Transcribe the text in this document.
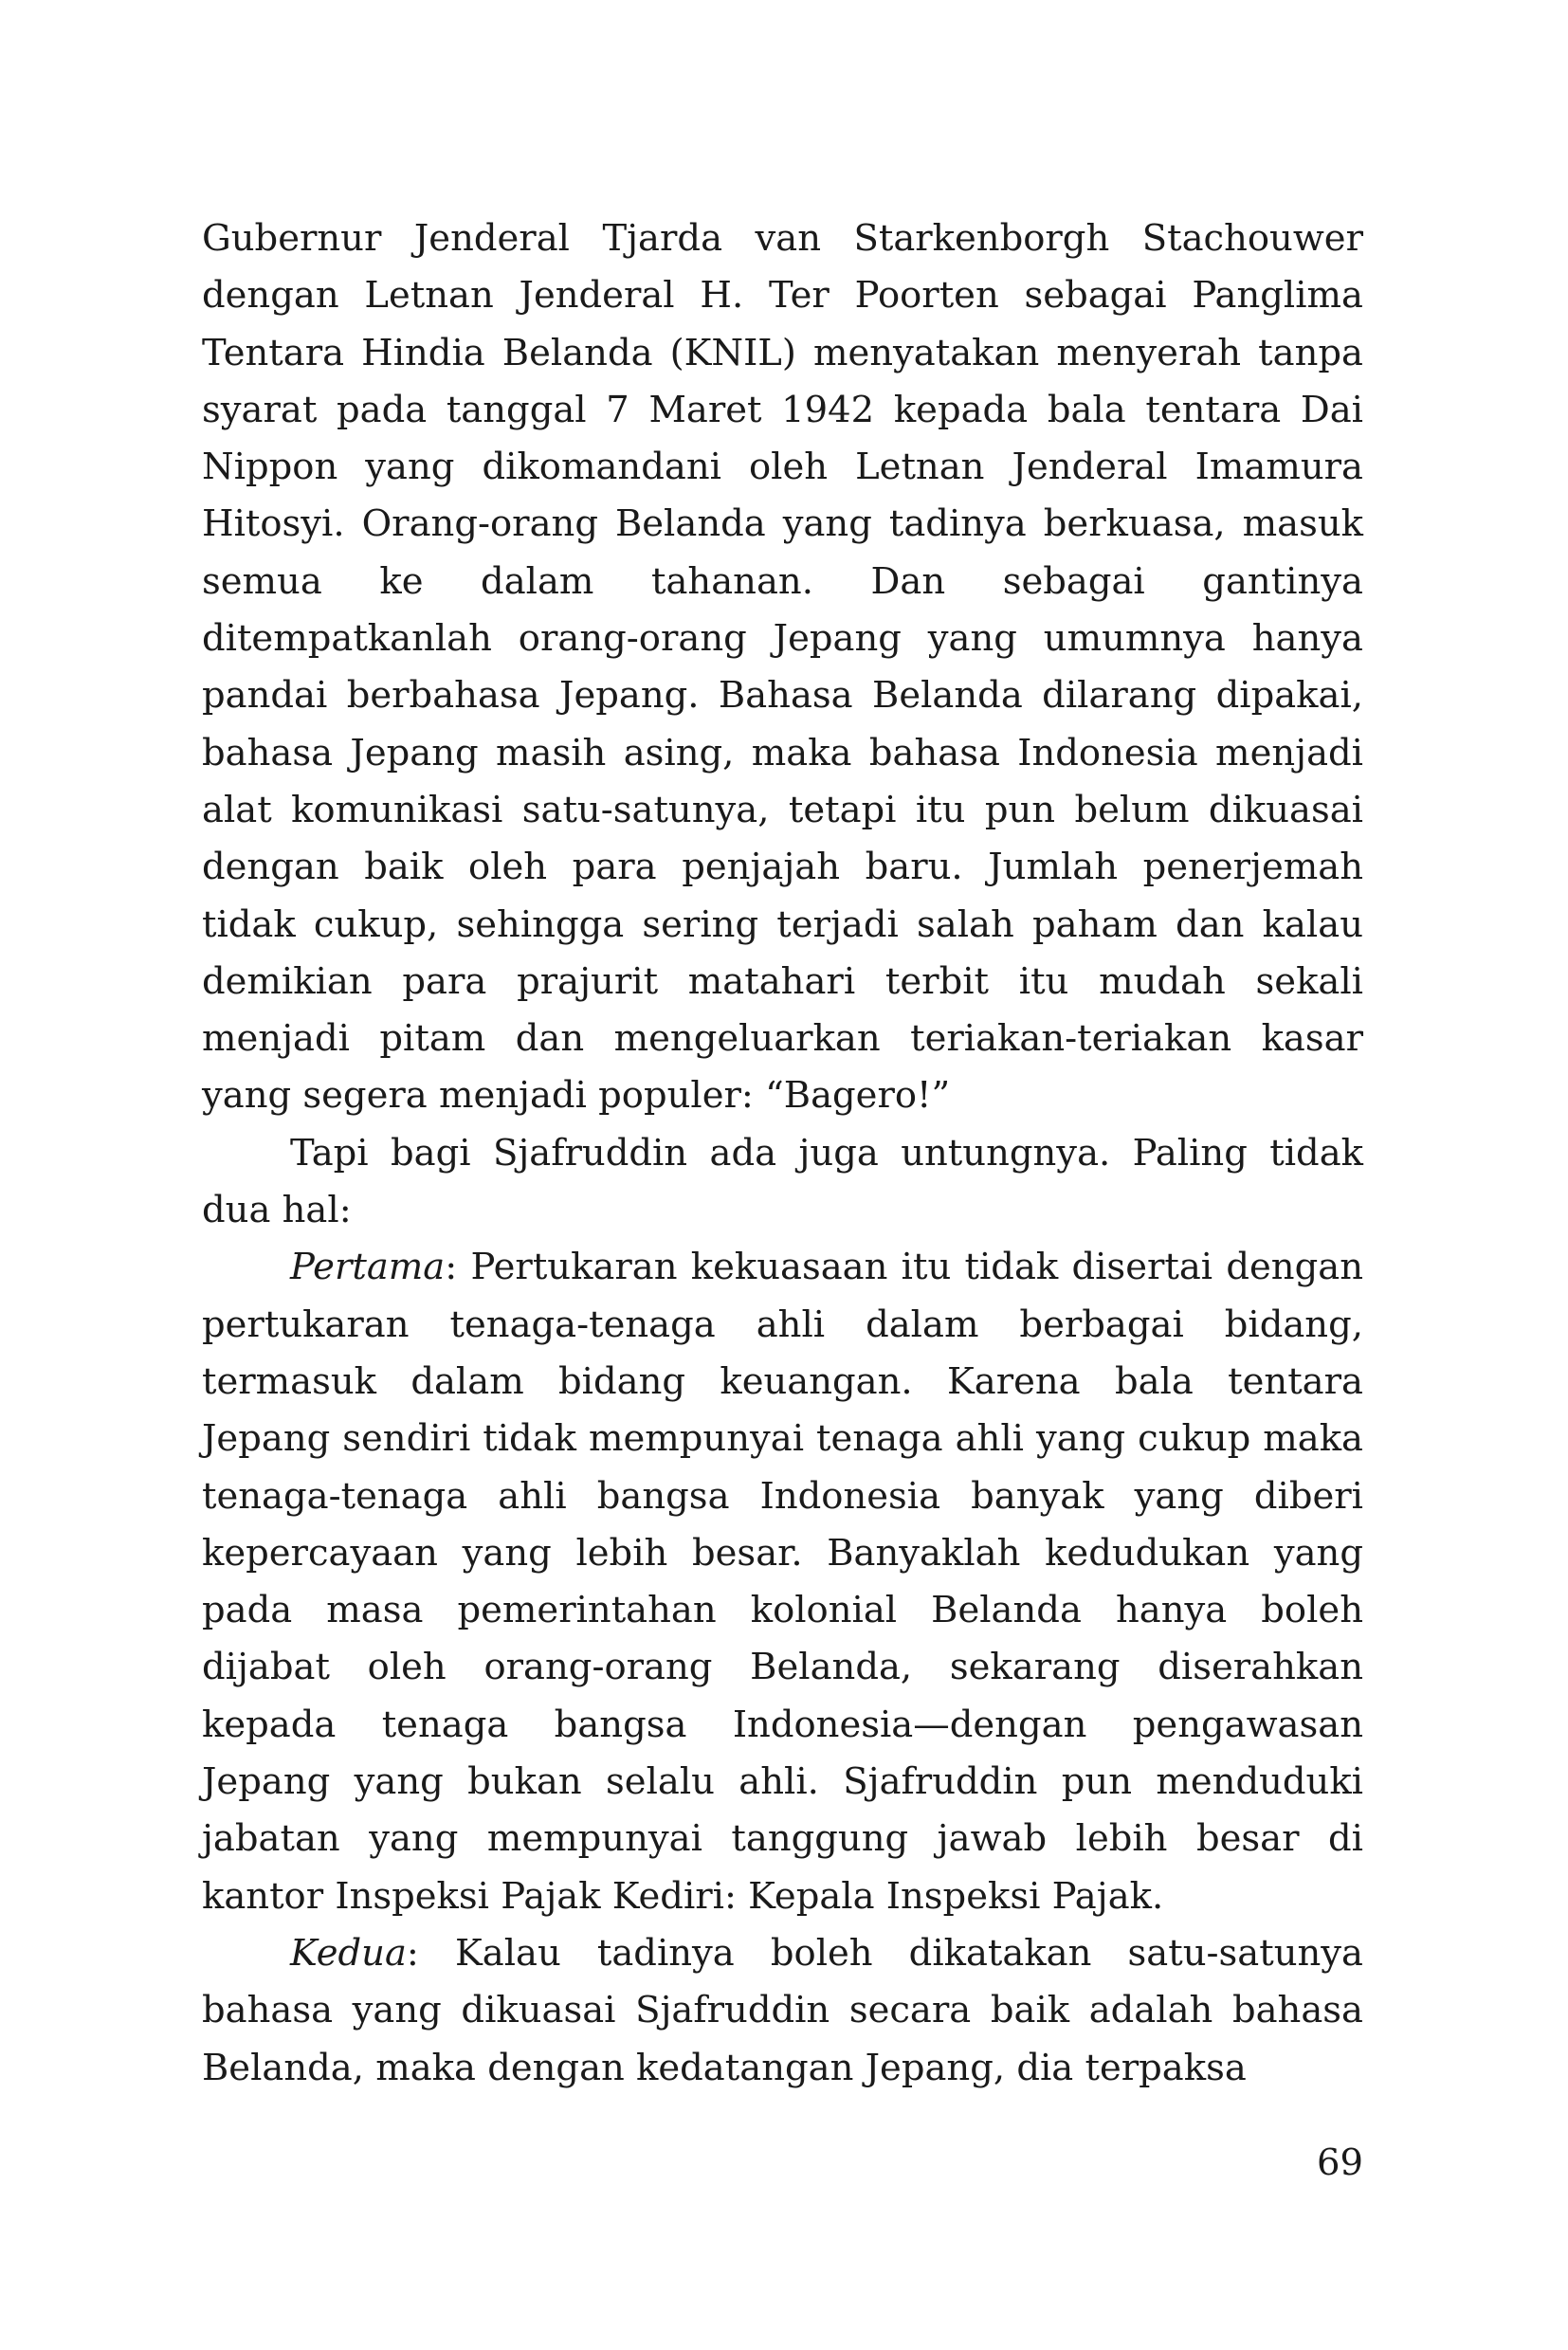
Gubernur Jenderal Tjarda van Starkenborgh Stachouwer dengan Letnan Jenderal H. Ter Poorten sebagai Panglima Tentara Hindia Belanda (KNIL) menyatakan menyerah tanpa syarat pada tanggal 7 Maret 1942 kepada bala tentara Dai Nippon yang dikomandani oleh Letnan Jenderal Imamura Hitosyi. Orang-orang Belanda yang tadinya berkuasa, masuk semua ke dalam tahanan. Dan sebagai gantinya ditempatkanlah orang-orang Jepang yang umumnya hanya pandai berbahasa Jepang. Bahasa Belanda dilarang dipakai, bahasa Jepang masih asing, maka bahasa Indonesia menjadi alat komunikasi satu-satunya, tetapi itu pun belum dikuasai dengan baik oleh para penjajah baru. Jumlah penerjemah tidak cukup, sehingga sering terjadi salah paham dan kalau demikian para prajurit matahari terbit itu mudah sekali menjadi pitam dan mengeluarkan teriakan-teriakan kasar yang segera menjadi populer: “Bagero!”

Tapi bagi Sjafruddin ada juga untungnya. Paling tidak dua hal:

Pertama: Pertukaran kekuasaan itu tidak disertai dengan pertukaran tenaga-tenaga ahli dalam berbagai bidang, termasuk dalam bidang keuangan. Karena bala tentara Jepang sendiri tidak mempunyai tenaga ahli yang cukup maka tenaga-tenaga ahli bangsa Indonesia banyak yang diberi kepercayaan yang lebih besar. Banyaklah kedudukan yang pada masa pemerintahan kolonial Belanda hanya boleh dijabat oleh orang-orang Belanda, sekarang diserahkan kepada tenaga bangsa Indonesia—dengan pengawasan Jepang yang bukan selalu ahli. Sjafruddin pun menduduki jabatan yang mempunyai tanggung jawab lebih besar di kantor Inspeksi Pajak Kediri: Kepala Inspeksi Pajak.

Kedua: Kalau tadinya boleh dikatakan satu-satunya bahasa yang dikuasai Sjafruddin secara baik adalah bahasa Belanda, maka dengan kedatangan Jepang, dia terpaksa

69
